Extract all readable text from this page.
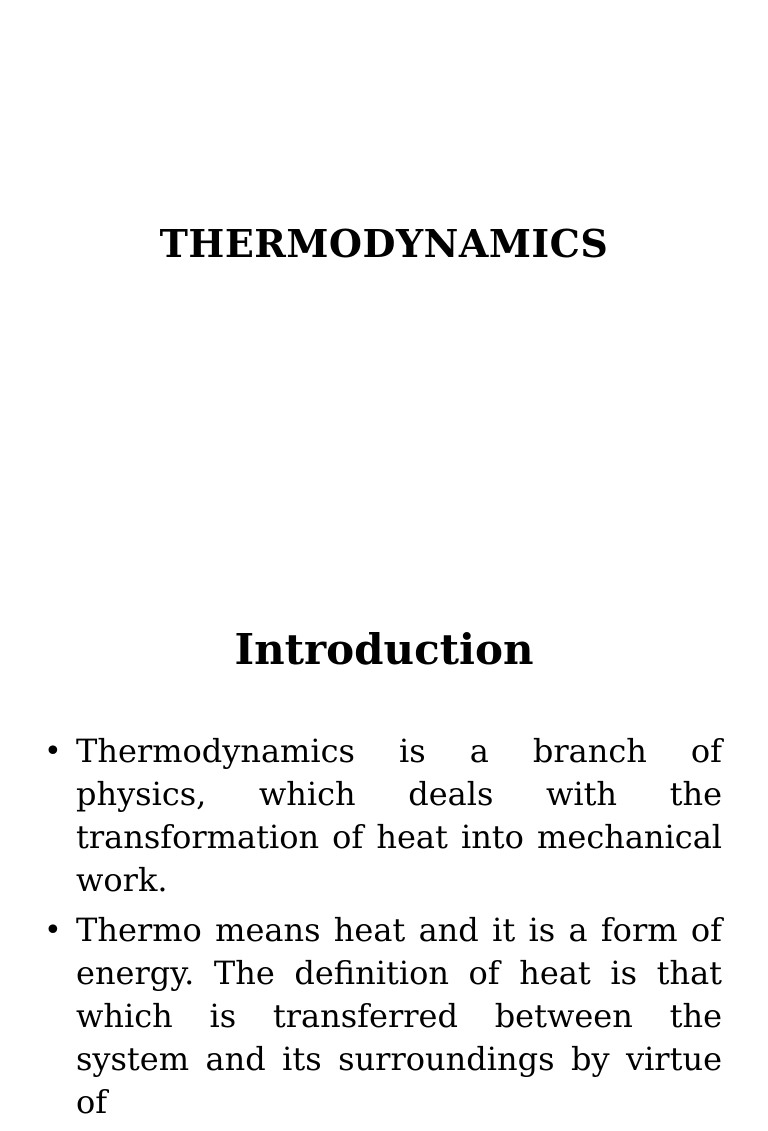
THERMODYNAMICS
Introduction
• Thermodynamics is a branch of physics, which deals with the transformation of heat into mechanical work.
• Thermo means heat and it is a form of energy. The definition of heat is that which is transferred between the system and its surroundings by virtue of
